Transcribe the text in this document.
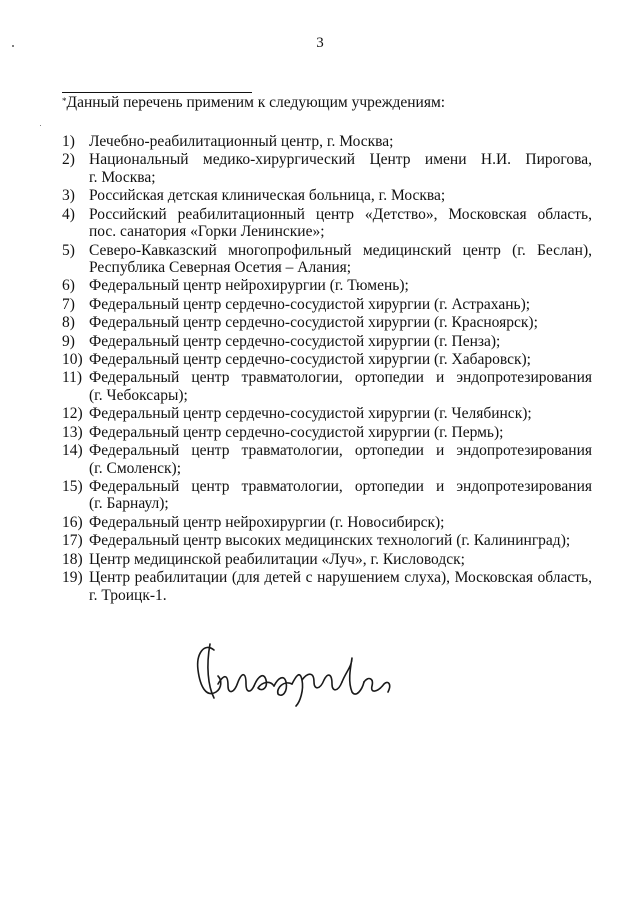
3
*Данный перечень применим к следующим учреждениям:
1) Лечебно-реабилитационный центр, г. Москва;
2) Национальный медико-хирургический Центр имени Н.И. Пирогова,
г. Москва;
3) Российская детская клиническая больница, г. Москва;
4) Российский реабилитационный центр «Детство», Московская область,
пос. санатория «Горки Ленинские»;
5) Северо-Кавказский многопрофильный медицинский центр (г. Беслан),
Республика Северная Осетия – Алания;
6) Федеральный центр нейрохирургии (г. Тюмень);
7) Федеральный центр сердечно-сосудистой хирургии (г. Астрахань);
8) Федеральный центр сердечно-сосудистой хирургии (г. Красноярск);
9) Федеральный центр сердечно-сосудистой хирургии (г. Пенза);
10) Федеральный центр сердечно-сосудистой хирургии (г. Хабаровск);
11) Федеральный центр травматологии, ортопедии и эндопротезирования
(г. Чебоксары);
12) Федеральный центр сердечно-сосудистой хирургии (г. Челябинск);
13) Федеральный центр сердечно-сосудистой хирургии (г. Пермь);
14) Федеральный центр травматологии, ортопедии и эндопротезирования
(г. Смоленск);
15) Федеральный центр травматологии, ортопедии и эндопротезирования
(г. Барнаул);
16) Федеральный центр нейрохирургии (г. Новосибирск);
17) Федеральный центр высоких медицинских технологий (г. Калининград);
18) Центр медицинской реабилитации «Луч», г. Кисловодск;
19) Центр реабилитации (для детей с нарушением слуха), Московская область,
г. Троицк-1.
